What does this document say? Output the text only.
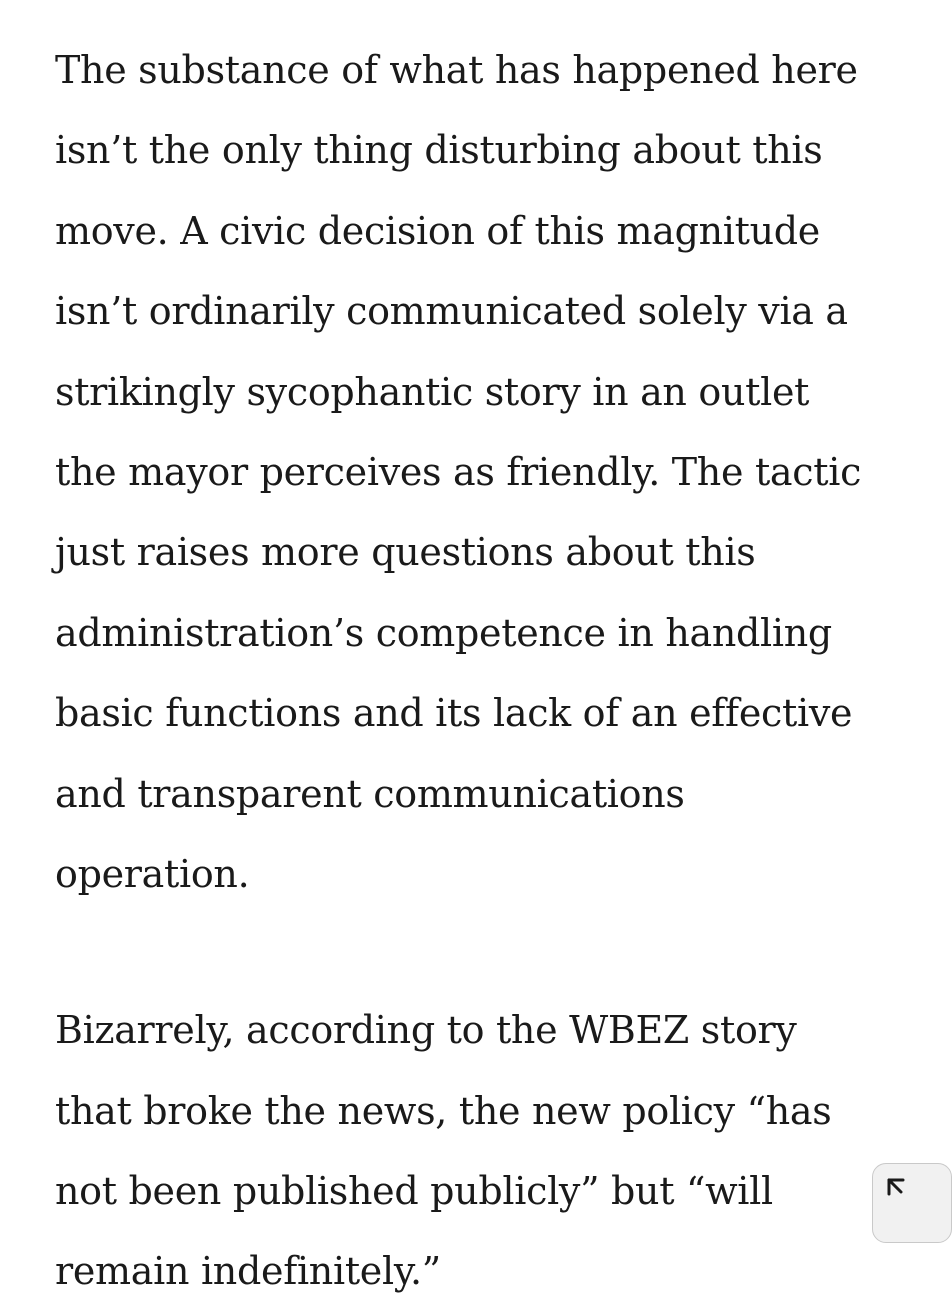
The substance of what has happened here
isn’t the only thing disturbing about this
move. A civic decision of this magnitude
isn’t ordinarily communicated solely via a
strikingly sycophantic story in an outlet
the mayor perceives as friendly. The tactic
just raises more questions about this
administration’s competence in handling
basic functions and its lack of an effective
and transparent communications
operation.

Bizarrely, according to the WBEZ story
that broke the news, the new policy “has
not been published publicly” but “will
remain indefinitely.”
